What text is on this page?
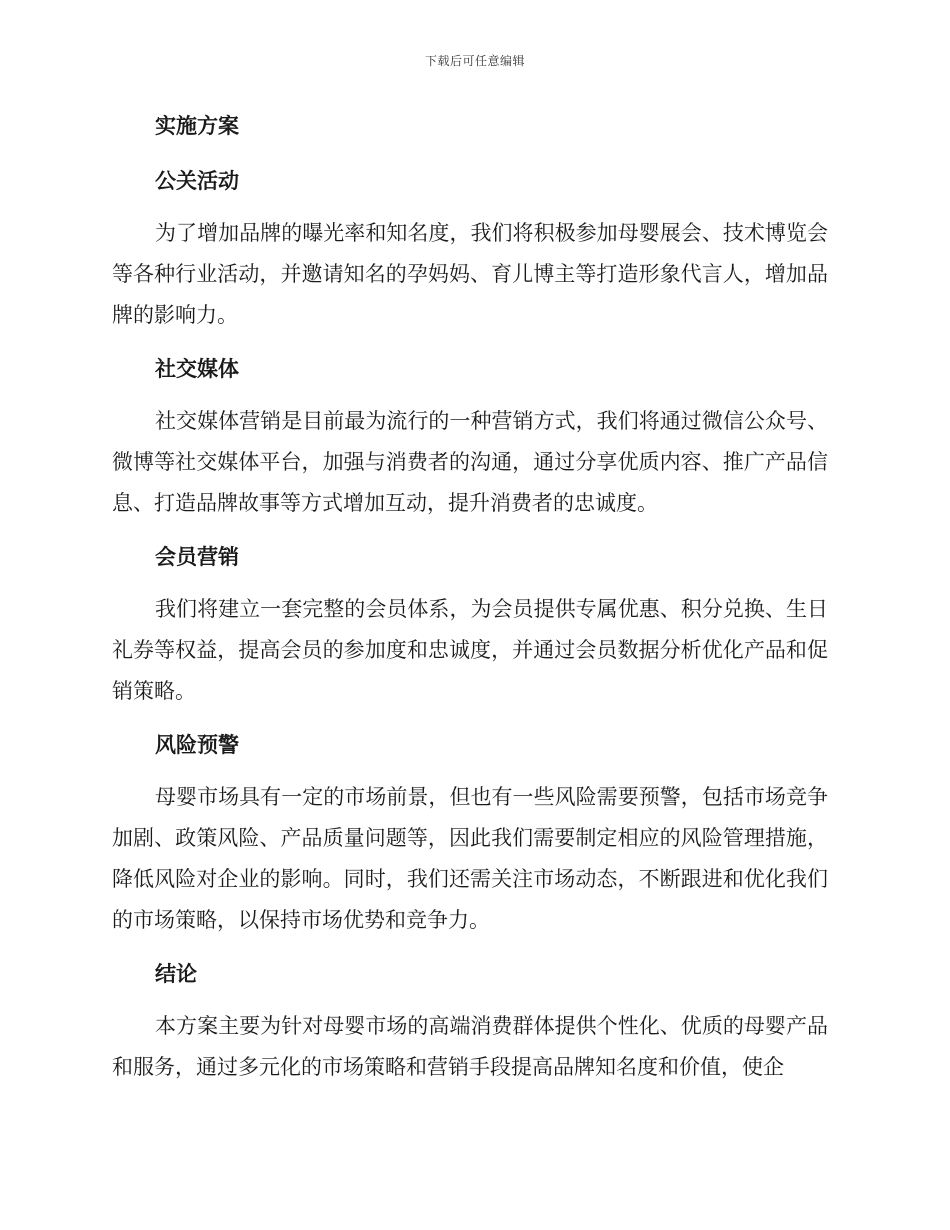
下载后可任意编辑
实施方案
公关活动

为了增加品牌的曝光率和知名度，我们将积极参加母婴展会、技术博览会等各种行业活动，并邀请知名的孕妈妈、育儿博主等打造形象代言人，增加品牌的影响力。

社交媒体

社交媒体营销是目前最为流行的一种营销方式，我们将通过微信公众号、微博等社交媒体平台，加强与消费者的沟通，通过分享优质内容、推广产品信息、打造品牌故事等方式增加互动，提升消费者的忠诚度。

会员营销

我们将建立一套完整的会员体系，为会员提供专属优惠、积分兑换、生日礼券等权益，提高会员的参加度和忠诚度，并通过会员数据分析优化产品和促销策略。

风险预警

母婴市场具有一定的市场前景，但也有一些风险需要预警，包括市场竞争加剧、政策风险、产品质量问题等，因此我们需要制定相应的风险管理措施，降低风险对企业的影响。同时，我们还需关注市场动态，不断跟进和优化我们的市场策略，以保持市场优势和竞争力。

结论

本方案主要为针对母婴市场的高端消费群体提供个性化、优质的母婴产品和服务，通过多元化的市场策略和营销手段提高品牌知名度和价值，使企
